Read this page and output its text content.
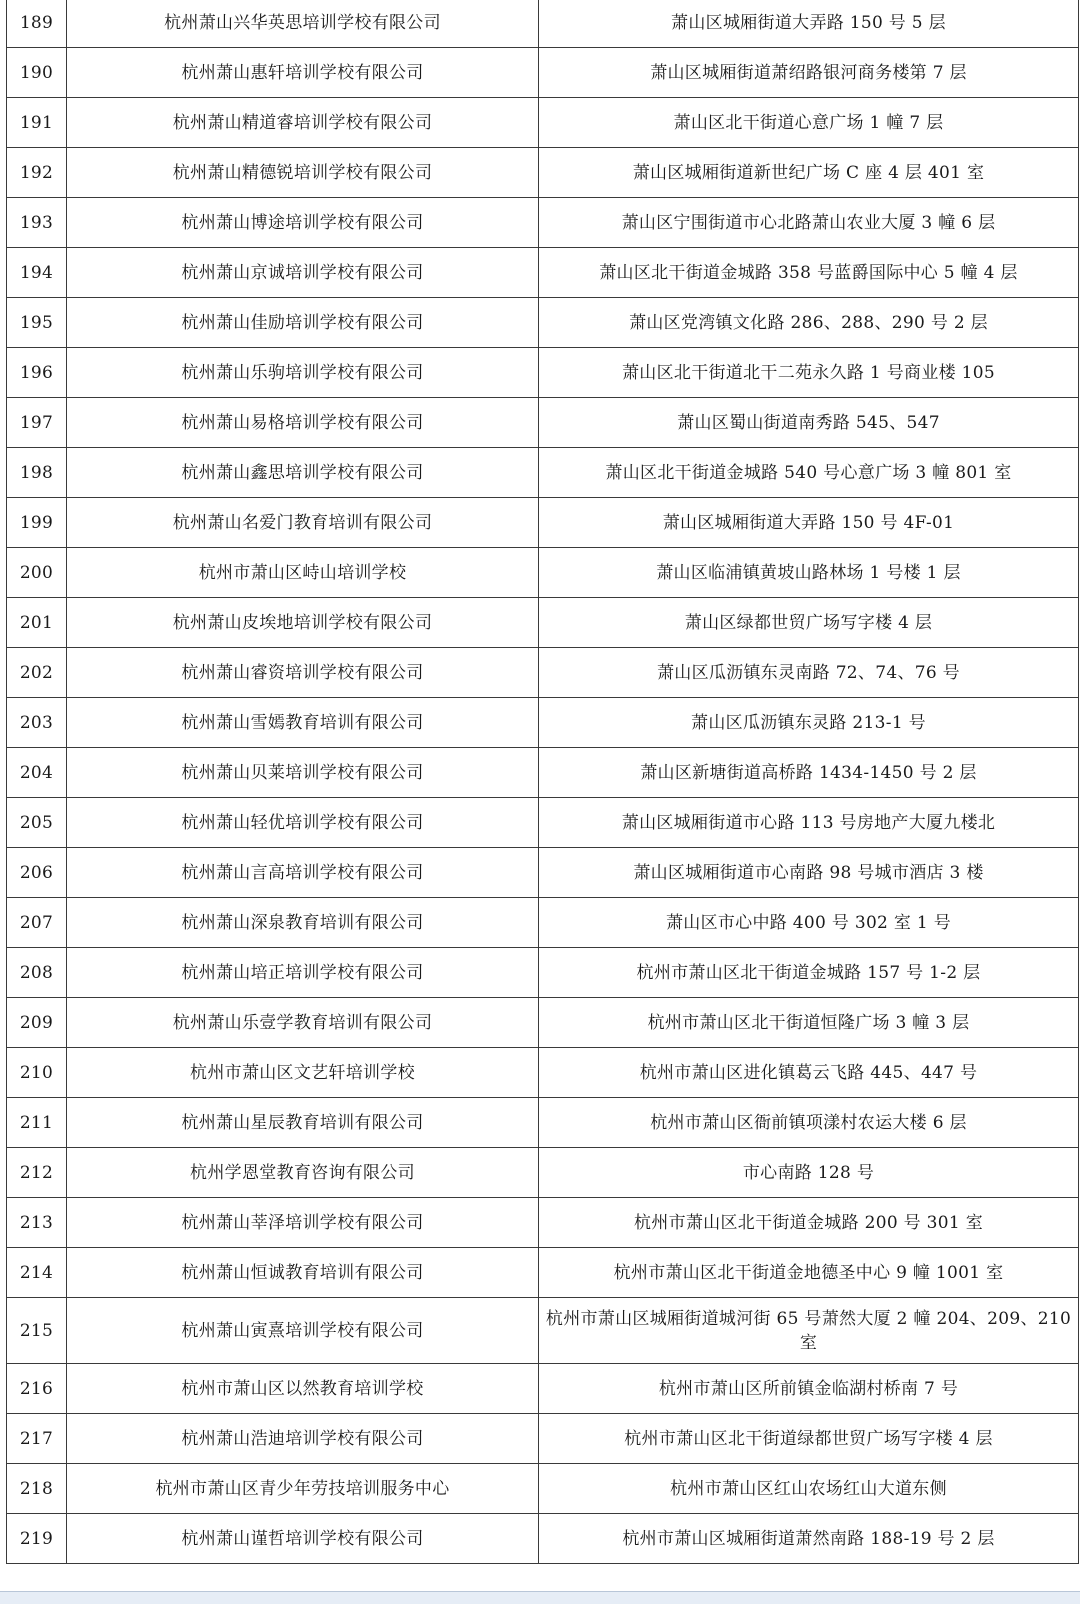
189	杭州萧山兴华英思培训学校有限公司	萧山区城厢街道大弄路 150 号 5 层
190	杭州萧山惠轩培训学校有限公司	萧山区城厢街道萧绍路银河商务楼第 7 层
191	杭州萧山精道睿培训学校有限公司	萧山区北干街道心意广场 1 幢 7 层
192	杭州萧山精德锐培训学校有限公司	萧山区城厢街道新世纪广场 C 座 4 层 401 室
193	杭州萧山博途培训学校有限公司	萧山区宁围街道市心北路萧山农业大厦 3 幢 6 层
194	杭州萧山京诚培训学校有限公司	萧山区北干街道金城路 358 号蓝爵国际中心 5 幢 4 层
195	杭州萧山佳励培训学校有限公司	萧山区党湾镇文化路 286、288、290 号 2 层
196	杭州萧山乐驹培训学校有限公司	萧山区北干街道北干二苑永久路 1 号商业楼 105
197	杭州萧山易格培训学校有限公司	萧山区蜀山街道南秀路 545、547
198	杭州萧山鑫思培训学校有限公司	萧山区北干街道金城路 540 号心意广场 3 幢 801 室
199	杭州萧山名爱门教育培训有限公司	萧山区城厢街道大弄路 150 号 4F-01
200	杭州市萧山区峙山培训学校	萧山区临浦镇黄坡山路林场 1 号楼 1 层
201	杭州萧山皮埃地培训学校有限公司	萧山区绿都世贸广场写字楼 4 层
202	杭州萧山睿资培训学校有限公司	萧山区瓜沥镇东灵南路 72、74、76 号
203	杭州萧山雪嫣教育培训有限公司	萧山区瓜沥镇东灵路 213-1 号
204	杭州萧山贝莱培训学校有限公司	萧山区新塘街道高桥路 1434-1450 号 2 层
205	杭州萧山轻优培训学校有限公司	萧山区城厢街道市心路 113 号房地产大厦九楼北
206	杭州萧山言高培训学校有限公司	萧山区城厢街道市心南路 98 号城市酒店 3 楼
207	杭州萧山深泉教育培训有限公司	萧山区市心中路 400 号 302 室 1 号
208	杭州萧山培正培训学校有限公司	杭州市萧山区北干街道金城路 157 号 1-2 层
209	杭州萧山乐壹学教育培训有限公司	杭州市萧山区北干街道恒隆广场 3 幢 3 层
210	杭州市萧山区文艺轩培训学校	杭州市萧山区进化镇葛云飞路 445、447 号
211	杭州萧山星辰教育培训有限公司	杭州市萧山区衙前镇项漾村农运大楼 6 层
212	杭州学恩堂教育咨询有限公司	市心南路 128 号
213	杭州萧山莘泽培训学校有限公司	杭州市萧山区北干街道金城路 200 号 301 室
214	杭州萧山恒诚教育培训有限公司	杭州市萧山区北干街道金地德圣中心 9 幢 1001 室
215	杭州萧山寅熹培训学校有限公司	杭州市萧山区城厢街道城河街 65 号萧然大厦 2 幢 204、209、210 室
216	杭州市萧山区以然教育培训学校	杭州市萧山区所前镇金临湖村桥南 7 号
217	杭州萧山浩迪培训学校有限公司	杭州市萧山区北干街道绿都世贸广场写字楼 4 层
218	杭州市萧山区青少年劳技培训服务中心	杭州市萧山区红山农场红山大道东侧
219	杭州萧山谨哲培训学校有限公司	杭州市萧山区城厢街道萧然南路 188-19 号 2 层
